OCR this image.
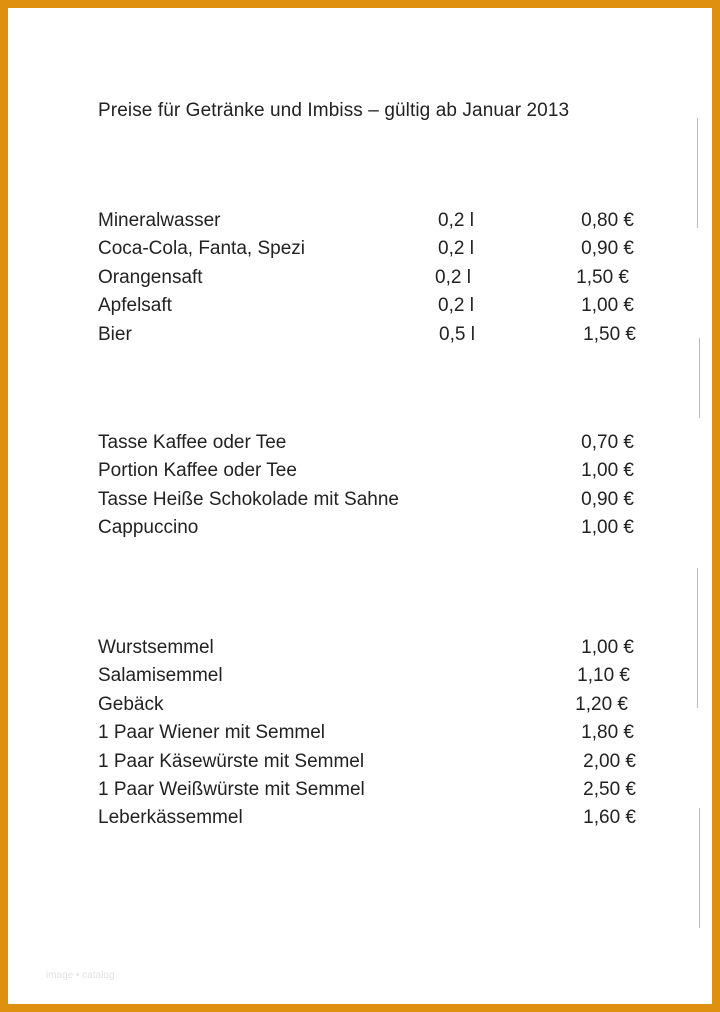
Preise für Getränke und Imbiss – gültig ab Januar 2013
Mineralwasser	0,2 l	0,80 €
Coca-Cola, Fanta, Spezi	0,2 l	0,90 €
Orangensaft	0,2 l	1,50 €
Apfelsaft	0,2 l	1,00 €
Bier	0,5 l	1,50 €
Tasse Kaffee oder Tee	0,70 €
Portion Kaffee oder Tee	1,00 €
Tasse Heiße Schokolade mit Sahne	0,90 €
Cappuccino	1,00 €
Wurstsemmel	1,00 €
Salamisemmel	1,10 €
Gebäck	1,20 €
1 Paar Wiener mit Semmel	1,80 €
1 Paar Käsewürste mit Semmel	2,00 €
1 Paar Weißwürste mit Semmel	2,50 €
Leberkässemmel	1,60 €
image • catalog
